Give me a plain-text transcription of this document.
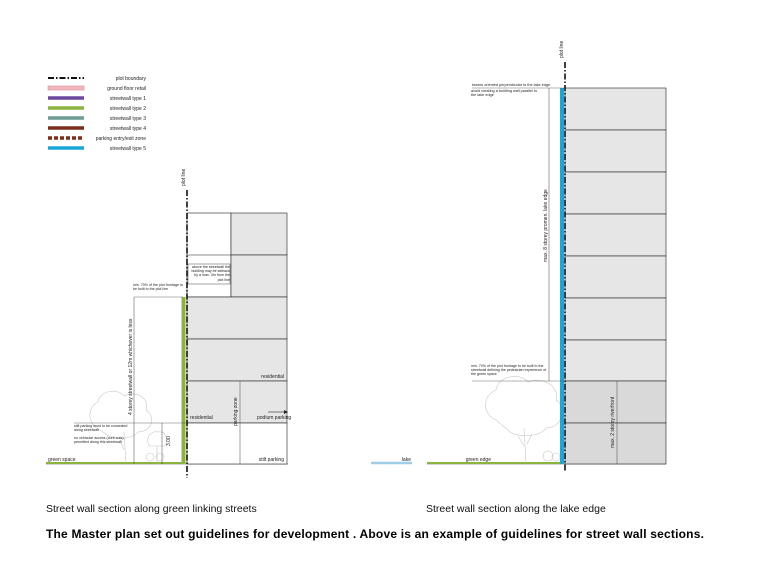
plot boundary
ground floor retail
streetwall type 1
streetwall type 2
streetwall type 3
streetwall type 4
parking entry/exit zone
streetwall type 5
plot line
above the streetwall the building may be setback by a max. 3m from the plot line
min. 70% of the plot frontage to be built to the plot line
4 storey streetwall or 12m whichever is less
3.00
stilt parking must to be concealed along streetwall
no vehicular access (curb cuts) permitted along this streetwall
green space
residential
residential	parking zone	podium parking
stilt parking	lake	green edge
plot line
towers oriented perpendicular to the lake edge
avoid creating a building wall parallel to the lake edge
max. 8 storey promen. lake edge
min. 70% of the plot frontage to be built to the streetwall defining the pedestrian experience of the green space
max. 2 storey riverfront
Street wall section along green linking streets	Street wall section along the lake edge
The Master plan set out guidelines for development . Above is an example of guidelines for street wall sections.
